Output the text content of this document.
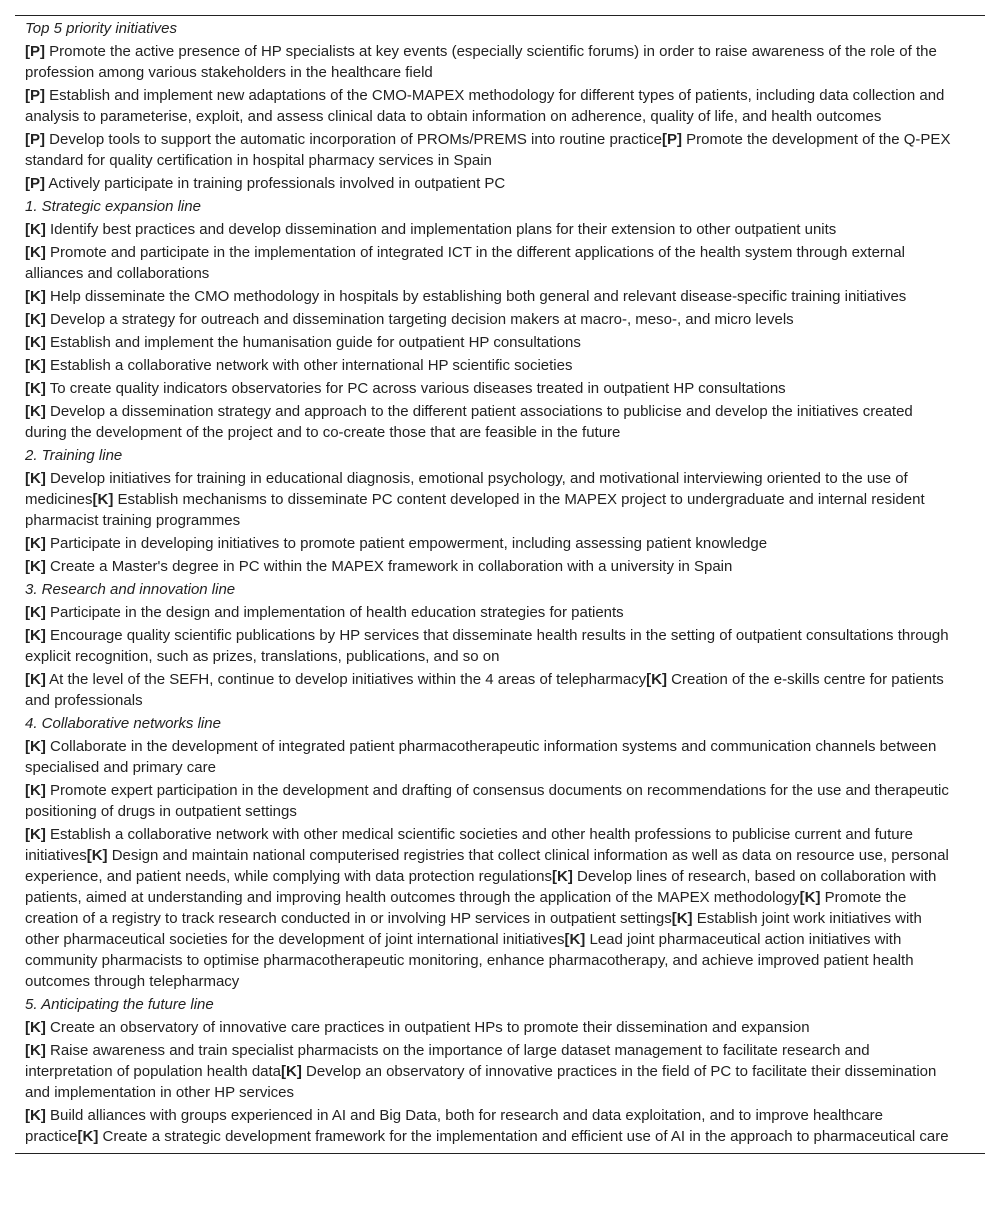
Top 5 priority initiatives
[P] Promote the active presence of HP specialists at key events (especially scientific forums) in order to raise awareness of the role of the profession among various stakeholders in the healthcare field
[P] Establish and implement new adaptations of the CMO-MAPEX methodology for different types of patients, including data collection and analysis to parameterise, exploit, and assess clinical data to obtain information on adherence, quality of life, and health outcomes
[P] Develop tools to support the automatic incorporation of PROMs/PREMS into routine practice[P] Promote the development of the Q-PEX standard for quality certification in hospital pharmacy services in Spain
[P] Actively participate in training professionals involved in outpatient PC
1. Strategic expansion line
[K] Identify best practices and develop dissemination and implementation plans for their extension to other outpatient units
[K] Promote and participate in the implementation of integrated ICT in the different applications of the health system through external alliances and collaborations
[K] Help disseminate the CMO methodology in hospitals by establishing both general and relevant disease-specific training initiatives
[K] Develop a strategy for outreach and dissemination targeting decision makers at macro-, meso-, and micro levels
[K] Establish and implement the humanisation guide for outpatient HP consultations
[K] Establish a collaborative network with other international HP scientific societies
[K] To create quality indicators observatories for PC across various diseases treated in outpatient HP consultations
[K] Develop a dissemination strategy and approach to the different patient associations to publicise and develop the initiatives created during the development of the project and to co-create those that are feasible in the future
2. Training line
[K] Develop initiatives for training in educational diagnosis, emotional psychology, and motivational interviewing oriented to the use of medicines[K] Establish mechanisms to disseminate PC content developed in the MAPEX project to undergraduate and internal resident pharmacist training programmes
[K] Participate in developing initiatives to promote patient empowerment, including assessing patient knowledge
[K] Create a Master's degree in PC within the MAPEX framework in collaboration with a university in Spain
3. Research and innovation line
[K] Participate in the design and implementation of health education strategies for patients
[K] Encourage quality scientific publications by HP services that disseminate health results in the setting of outpatient consultations through explicit recognition, such as prizes, translations, publications, and so on
[K] At the level of the SEFH, continue to develop initiatives within the 4 areas of telepharmacy[K] Creation of the e-skills centre for patients and professionals
4. Collaborative networks line
[K] Collaborate in the development of integrated patient pharmacotherapeutic information systems and communication channels between specialised and primary care
[K] Promote expert participation in the development and drafting of consensus documents on recommendations for the use and therapeutic positioning of drugs in outpatient settings
[K] Establish a collaborative network with other medical scientific societies and other health professions to publicise current and future initiatives[K] Design and maintain national computerised registries that collect clinical information as well as data on resource use, personal experience, and patient needs, while complying with data protection regulations[K] Develop lines of research, based on collaboration with patients, aimed at understanding and improving health outcomes through the application of the MAPEX methodology[K] Promote the creation of a registry to track research conducted in or involving HP services in outpatient settings[K] Establish joint work initiatives with other pharmaceutical societies for the development of joint international initiatives[K] Lead joint pharmaceutical action initiatives with community pharmacists to optimise pharmacotherapeutic monitoring, enhance pharmacotherapy, and achieve improved patient health outcomes through telepharmacy
5. Anticipating the future line
[K] Create an observatory of innovative care practices in outpatient HPs to promote their dissemination and expansion
[K] Raise awareness and train specialist pharmacists on the importance of large dataset management to facilitate research and interpretation of population health data[K] Develop an observatory of innovative practices in the field of PC to facilitate their dissemination and implementation in other HP services
[K] Build alliances with groups experienced in AI and Big Data, both for research and data exploitation, and to improve healthcare practice[K] Create a strategic development framework for the implementation and efficient use of AI in the approach to pharmaceutical care
